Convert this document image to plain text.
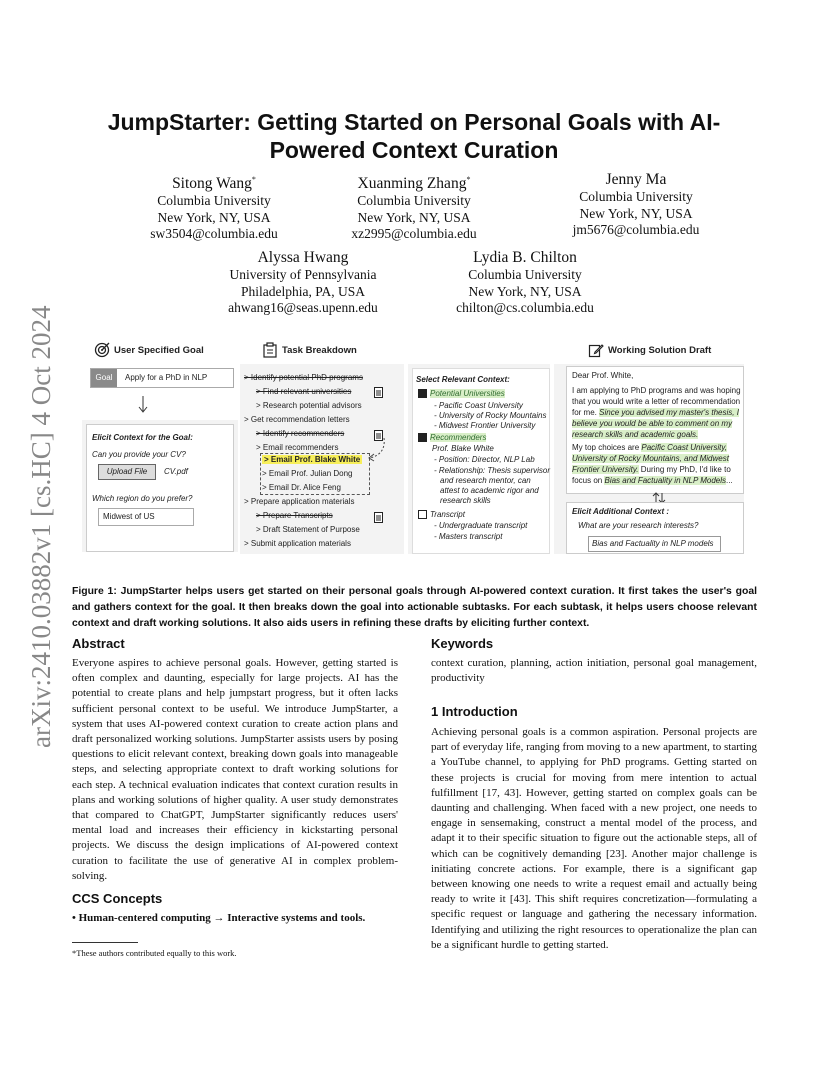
arXiv:2410.03882v1 [cs.HC] 4 Oct 2024
JumpStarter: Getting Started on Personal Goals with AI-Powered Context Curation
Sitong Wang*
Columbia University
New York, NY, USA
sw3504@columbia.edu
Xuanming Zhang*
Columbia University
New York, NY, USA
xz2995@columbia.edu
Jenny Ma
Columbia University
New York, NY, USA
jm5676@columbia.edu
Alyssa Hwang
University of Pennsylvania
Philadelphia, PA, USA
ahwang16@seas.upenn.edu
Lydia B. Chilton
Columbia University
New York, NY, USA
chilton@cs.columbia.edu
User Specified Goal
Goal	Apply for a PhD in NLP
Elicit Context for the Goal:
Can you provide your CV?
Upload File	CV.pdf
Which region do you prefer?
Midwest of US
Task Breakdown
> Identify potential PhD programs
> Find relevant universities
> Research potential advisors
> Get recommendation letters
> Identify recommenders
> Email recommenders
> Email Prof. Blake White
> Email Prof. Julian Dong
> Email Dr. Alice Feng
> Prepare application materials
> Prepare Transcripts
> Draft Statement of Purpose
> Submit application materials
Select Relevant Context:
Potential Universities
- Pacific Coast University
- University of Rocky Mountains
- Midwest Frontier University
Recommenders
Prof. Blake White
- Position: Director, NLP Lab
- Relationship: Thesis supervisor
and research mentor, can
attest to academic rigor and
research skills
Transcript
- Undergraduate transcript
- Masters transcript
Working Solution Draft
Dear Prof. White,
I am applying to PhD programs and was hoping
that you would write a letter of recommendation
for me. Since you advised my master's thesis, I
believe you would be able to comment on my
research skills and academic goals.
My top choices are Pacific Coast University,
University of Rocky Mountains, and Midwest
Frontier University. During my PhD, I'd like to
focus on Bias and Factuality in NLP Models...
Elicit Additional Context :
What are your research interests?
Bias and Factuality in NLP models

Figure 1: JumpStarter helps users get started on their personal goals through AI-powered context curation. It first takes the user's goal and gathers context for the goal. It then breaks down the goal into actionable subtasks. For each subtask, it helps users choose relevant context and draft working solutions. It also aids users in refining these drafts by eliciting further context.

Abstract

Everyone aspires to achieve personal goals. However, getting started is often complex and daunting, especially for large projects. AI has the potential to create plans and help jumpstart progress, but it often lacks sufficient personal context to be useful. We introduce JumpStarter, a system that uses AI-powered context curation to create action plans and draft personalized working solutions. JumpStarter assists users by posing questions to elicit relevant context, breaking down goals into manageable steps, and selecting appropriate context to draft working solutions for each step. A technical evaluation indicates that context curation results in plans and working solutions of higher quality. A user study demonstrates that compared to ChatGPT, JumpStarter significantly reduces users' mental load and increases their efficiency in kickstarting personal projects. We discuss the design implications of AI-powered context curation to facilitate the use of generative AI in complex problem-solving.

CCS Concepts

• Human-centered computing → Interactive systems and tools.

*These authors contributed equally to this work.

Keywords

context curation, planning, action initiation, personal goal management, productivity

1 Introduction

Achieving personal goals is a common aspiration. Personal projects are part of everyday life, ranging from moving to a new apartment, to starting a YouTube channel, to applying for PhD programs. Getting started on these projects is crucial for moving from mere intention to actual fulfillment [17, 43]. However, getting started on complex goals can be daunting and challenging. When faced with a new project, one needs to engage in sensemaking, construct a mental model of the process, and adapt it to their specific situation to figure out the actionable steps, all of which can be cognitively demanding [23]. Another major challenge is initiating concrete actions. For example, there is a significant gap between knowing one needs to write a request email and actually being ready to write it [43]. This shift requires concretization—formulating a specific request or language and gathering the necessary information. Identifying and utilizing the right resources to operationalize the plan can be a significant hurdle to getting started.
